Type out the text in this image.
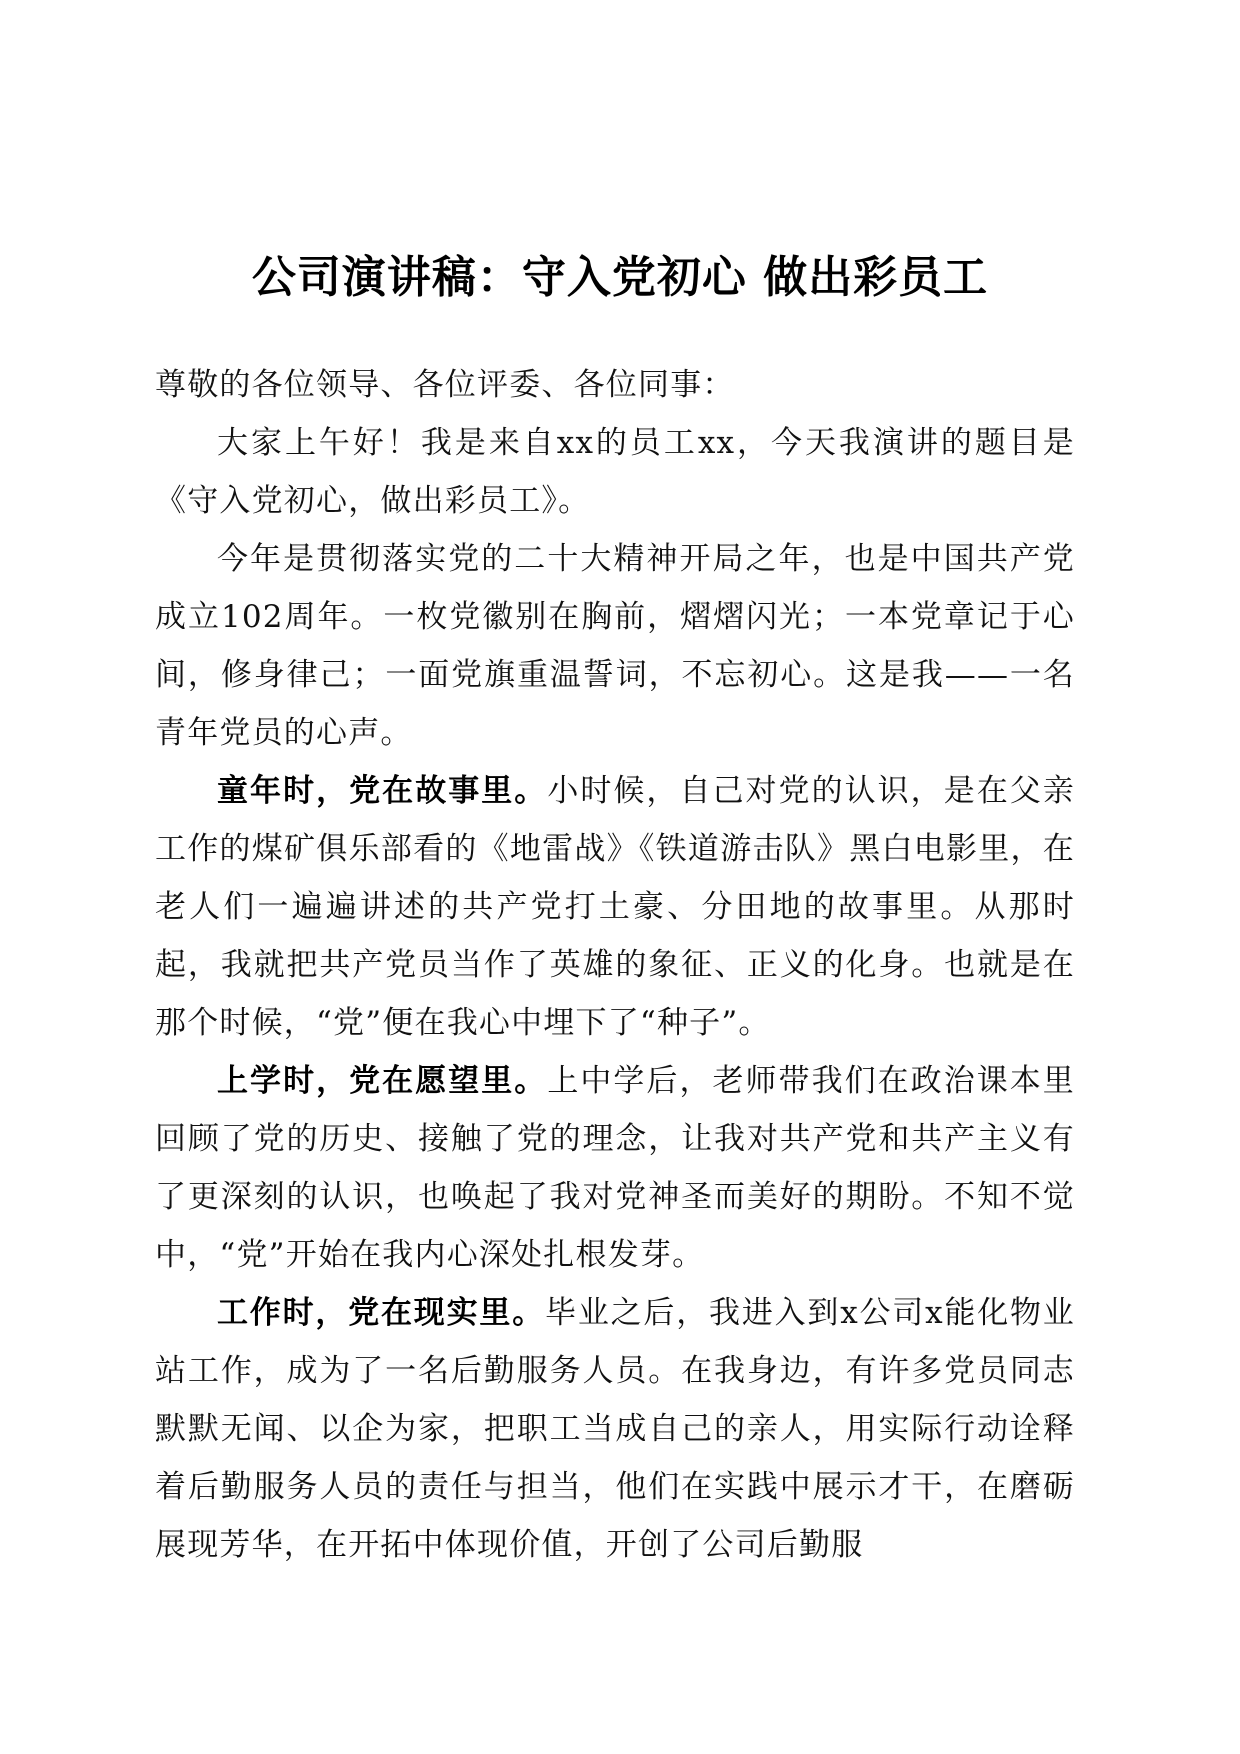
公司演讲稿：守入党初心 做出彩员工

尊敬的各位领导、各位评委、各位同事：

大家上午好！我是来自xx的员工xx，今天我演讲的题目是《守入党初心，做出彩员工》。

今年是贯彻落实党的二十大精神开局之年，也是中国共产党成立102周年。一枚党徽别在胸前，熠熠闪光；一本党章记于心间，修身律己；一面党旗重温誓词，不忘初心。这是我——一名青年党员的心声。

童年时，党在故事里。小时候，自己对党的认识，是在父亲工作的煤矿俱乐部看的《地雷战》《铁道游击队》黑白电影里，在老人们一遍遍讲述的共产党打土豪、分田地的故事里。从那时起，我就把共产党员当作了英雄的象征、正义的化身。也就是在那个时候，“党”便在我心中埋下了“种子”。

上学时，党在愿望里。上中学后，老师带我们在政治课本里回顾了党的历史、接触了党的理念，让我对共产党和共产主义有了更深刻的认识，也唤起了我对党神圣而美好的期盼。不知不觉中，“党”开始在我内心深处扎根发芽。

工作时，党在现实里。毕业之后，我进入到x公司x能化物业站工作，成为了一名后勤服务人员。在我身边，有许多党员同志默默无闻、以企为家，把职工当成自己的亲人，用实际行动诠释着后勤服务人员的责任与担当，他们在实践中展示才干，在磨砺展现芳华，在开拓中体现价值，开创了公司后勤服
